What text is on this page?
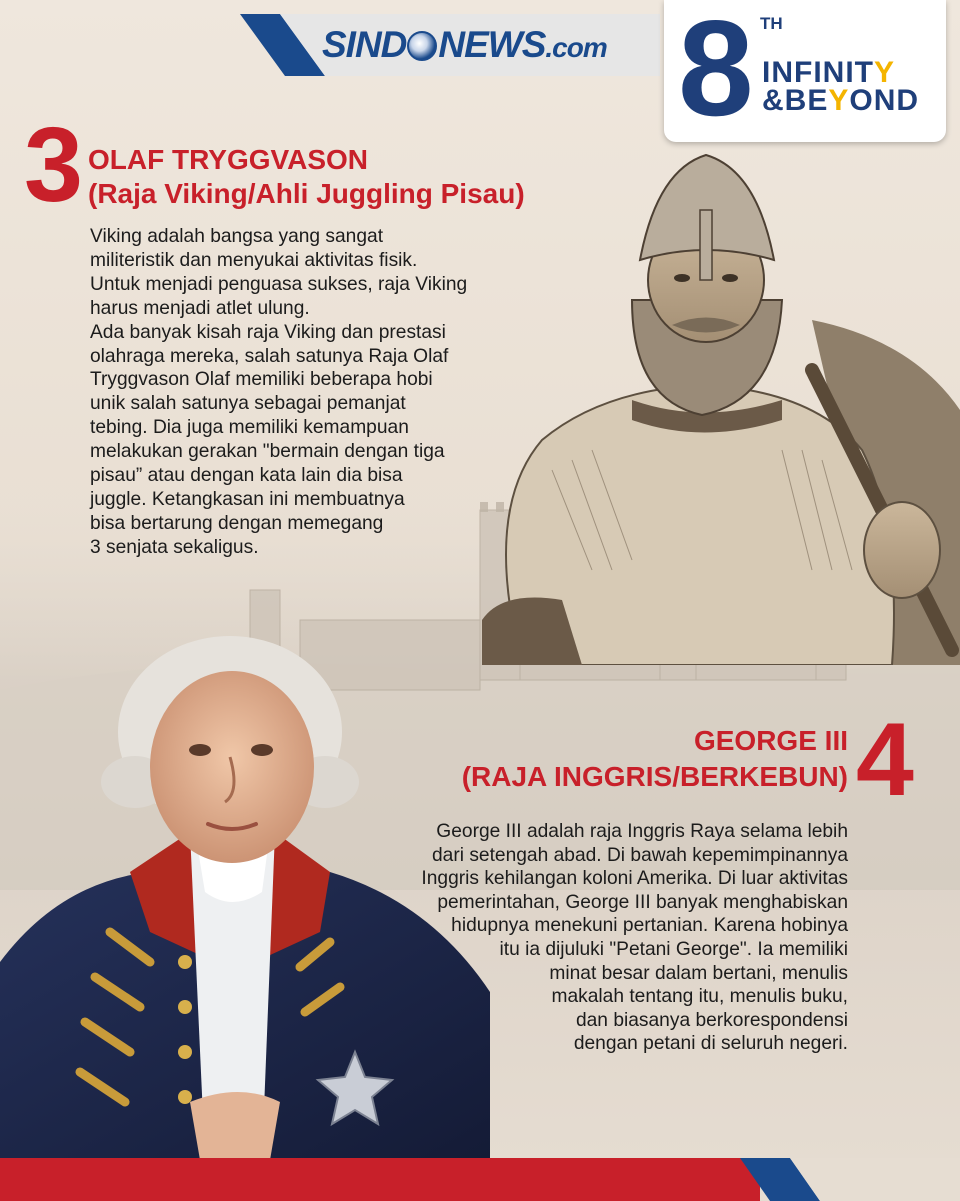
SIND NEWS.com 8 TH
INFINITY
&BEYOND
3 OLAF TRYGGVASON
(Raja Viking/Ahli Juggling Pisau)

Viking adalah bangsa yang sangat

militeristik dan menyukai aktivitas fisik.

Untuk menjadi penguasa sukses, raja Viking

harus menjadi atlet ulung.

Ada banyak kisah raja Viking dan prestasi

olahraga mereka, salah satunya Raja Olaf

Tryggvason Olaf memiliki beberapa hobi

unik salah satunya sebagai pemanjat

tebing. Dia juga memiliki kemampuan

melakukan gerakan "bermain dengan tiga

pisau” atau dengan kata lain dia bisa

juggle. Ketangkasan ini membuatnya

bisa bertarung dengan memegang

3 senjata sekaligus.

GEORGE III
(RAJA INGGRIS/BERKEBUN) 4

George III adalah raja Inggris Raya selama lebih

dari setengah abad. Di bawah kepemimpinannya

Inggris kehilangan koloni Amerika. Di luar aktivitas

pemerintahan, George III banyak menghabiskan

hidupnya menekuni pertanian. Karena hobinya

itu ia dijuluki "Petani George". Ia memiliki

minat besar dalam bertani, menulis

makalah tentang itu, menulis buku,

dan biasanya berkorespondensi

dengan petani di seluruh negeri.
